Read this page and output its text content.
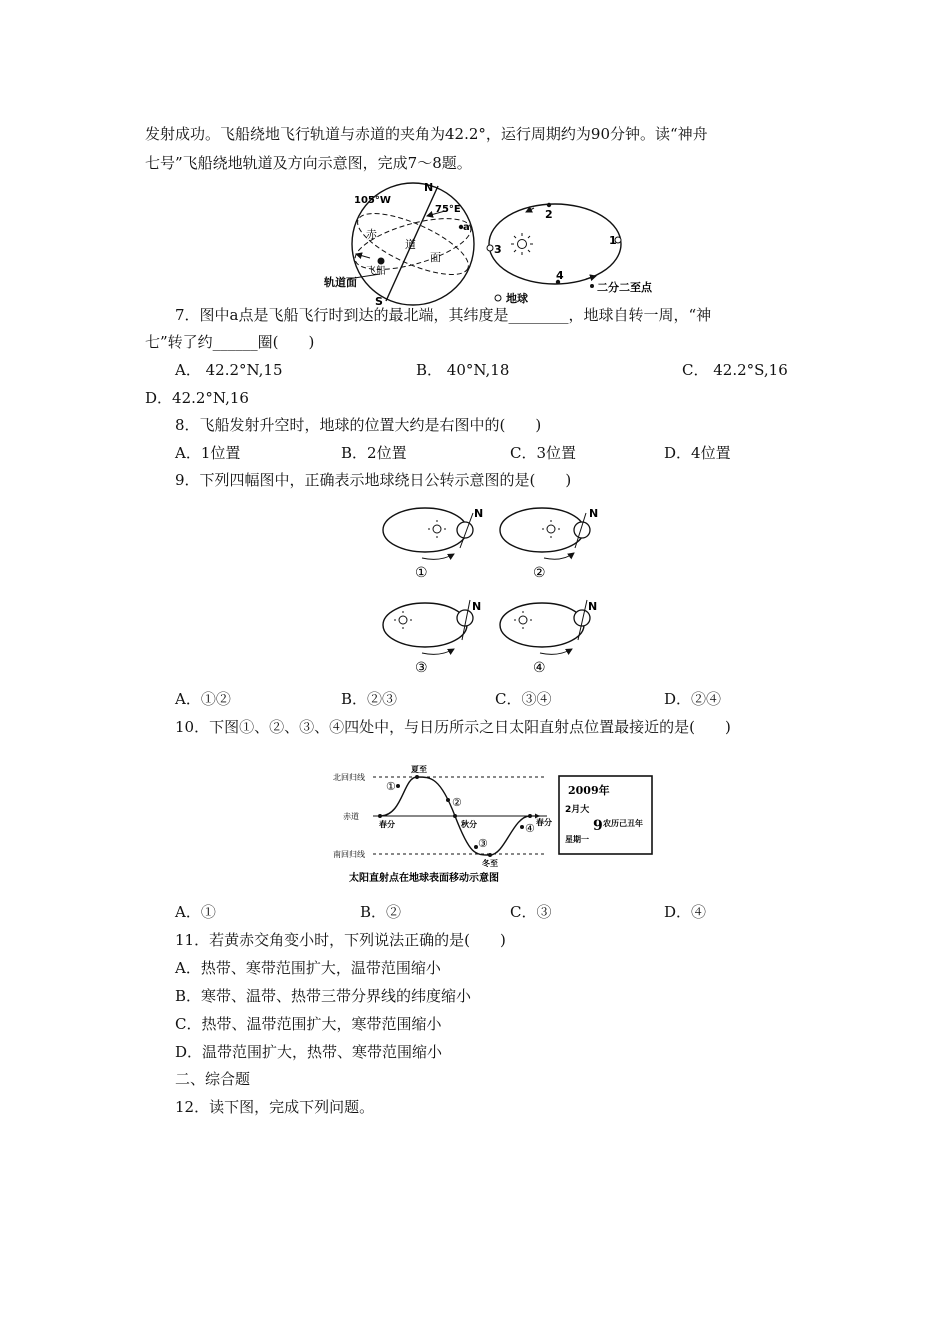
发射成功。飞船绕地飞行轨道与赤道的夹角为42.2°，运行周期约为90分钟。读“神舟
七号”飞船绕地轨道及方向示意图，完成7～8题。
N
S
105°W
75°E
a
赤
道
面
飞船
轨道面
2
1
3
4
地球
二分二至点
7．图中a点是飞船飞行时到达的最北端，其纬度是________，地球自转一周，“神
七”转了约______圈(　　)
A． 42.2°N,15	B． 40°N,18	C． 42.2°S,16
D．42.2°N,16
8．飞船发射升空时，地球的位置大约是右图中的(　　)
A．1位置	B．2位置	C．3位置	D．4位置
9．下列四幅图中，正确表示地球绕日公转示意图的是(　　)
N
①
N
②
N
③
N
④
A．①②	B．②③	C．③④	D．②④
10．下图①、②、③、④四处中，与日历所示之日太阳直射点位置最接近的是(　　)
北回归线
赤道
南回归线
夏至
春分	秋分
冬至
春分
①
②
③
④
太阳直射点在地球表面移动示意图
2009年
2月大
9 农历己丑年
星期一
A．①	B．②	C．③	D．④
11．若黄赤交角变小时，下列说法正确的是(　　)
A．热带、寒带范围扩大，温带范围缩小
B．寒带、温带、热带三带分界线的纬度缩小
C．热带、温带范围扩大，寒带范围缩小
D．温带范围扩大，热带、寒带范围缩小
二、综合题
12．读下图，完成下列问题。
